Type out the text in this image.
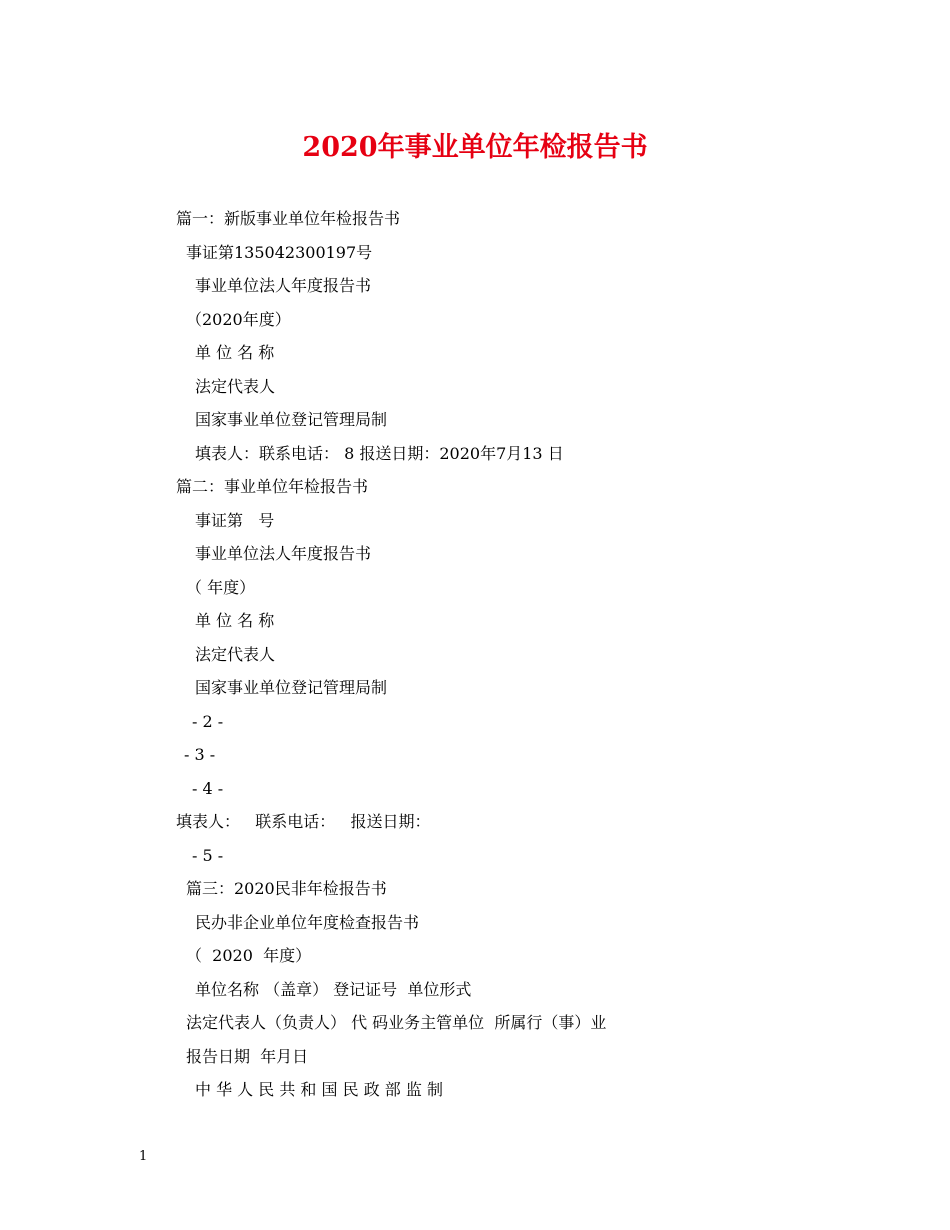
2020年事业单位年检报告书
篇一：新版事业单位年检报告书
事证第135042300197号
事业单位法人年度报告书
（2020年度）
单 位 名 称
法定代表人
国家事业单位登记管理局制
填表人：联系电话： 8 报送日期：2020年7月13 日
篇二：事业单位年检报告书
事证第   号
事业单位法人年度报告书
（ 年度）
单 位 名 称
法定代表人
国家事业单位登记管理局制
- 2 -
- 3 -
- 4 -
填表人：   联系电话：   报送日期：
- 5 -
篇三：2020民非年检报告书
民办非企业单位年度检查报告书
（  2020  年度）
单位名称 （盖章） 登记证号  单位形式
法定代表人（负责人） 代 码业务主管单位  所属行（事）业
报告日期  年月日
中 华 人 民 共 和 国 民 政 部 监 制
1
